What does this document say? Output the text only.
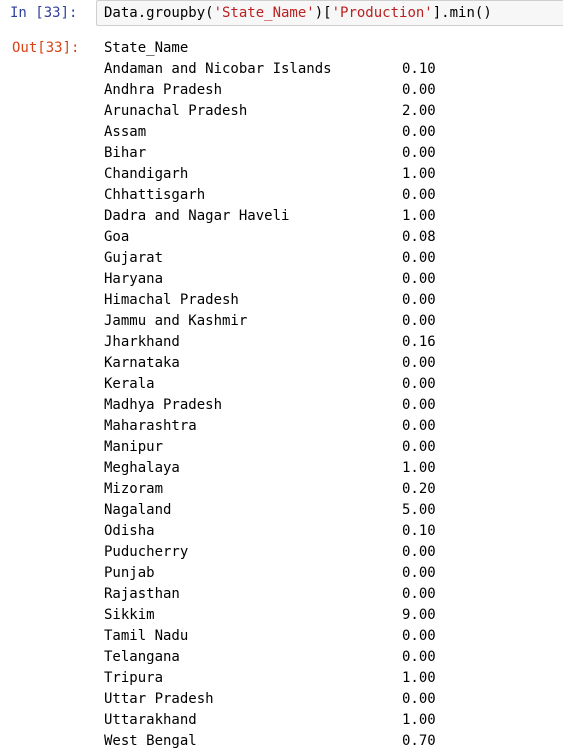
In [33]: Data.groupby('State_Name')['Production'].min()
Out[33]:

State_Name

Andaman and Nicobar Islands	0.10
Andhra Pradesh	0.00
Arunachal Pradesh	2.00
Assam	0.00
Bihar	0.00
Chandigarh	1.00
Chhattisgarh	0.00
Dadra and Nagar Haveli	1.00
Goa	0.08
Gujarat	0.00
Haryana	0.00
Himachal Pradesh	0.00
Jammu and Kashmir	0.00
Jharkhand	0.16
Karnataka	0.00
Kerala	0.00
Madhya Pradesh	0.00
Maharashtra	0.00
Manipur	0.00
Meghalaya	1.00
Mizoram	0.20
Nagaland	5.00
Odisha	0.10
Puducherry	0.00
Punjab	0.00
Rajasthan	0.00
Sikkim	9.00
Tamil Nadu	0.00
Telangana	0.00
Tripura	1.00
Uttar Pradesh	0.00
Uttarakhand	1.00
West Bengal	0.70
